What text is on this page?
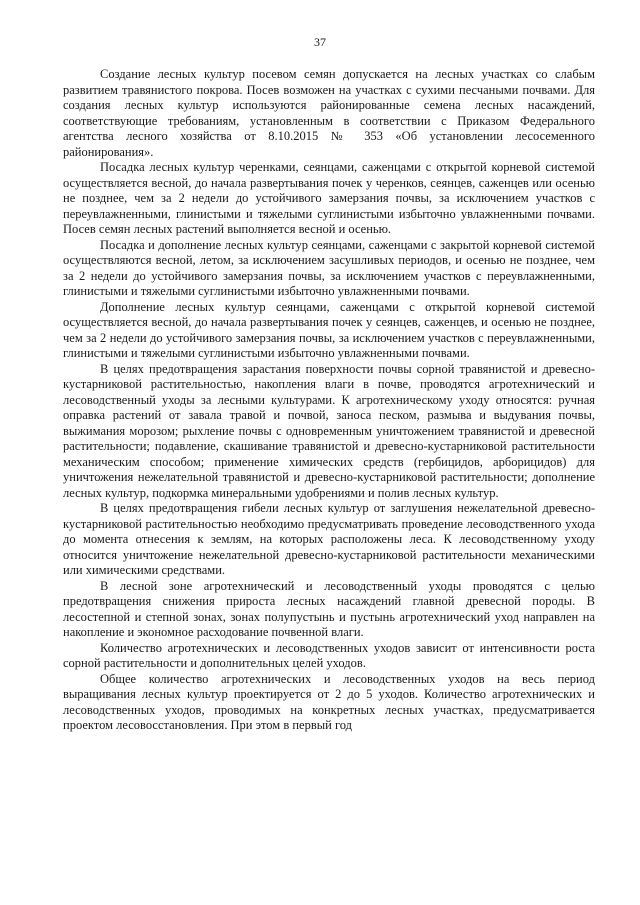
37

Создание лесных культур посевом семян допускается на лесных участках со слабым развитием травянистого покрова. Посев возможен на участках с сухими песчаными почвами. Для создания лесных культур используются районированные семена лесных насаждений, соответствующие требованиям, установленным в соответствии с Приказом Федерального агентства лесного хозяйства от 8.10.2015 № 353 «Об установлении лесосеменного районирования».

Посадка лесных культур черенками, сеянцами, саженцами с открытой корневой системой осуществляется весной, до начала развертывания почек у черенков, сеянцев, саженцев или осенью не позднее, чем за 2 недели до устойчивого замерзания почвы, за исключением участков с переувлажненными, глинистыми и тяжелыми суглинистыми избыточно увлажненными почвами. Посев семян лесных растений выполняется весной и осенью.

Посадка и дополнение лесных культур сеянцами, саженцами с закрытой корневой системой осуществляются весной, летом, за исключением засушливых периодов, и осенью не позднее, чем за 2 недели до устойчивого замерзания почвы, за исключением участков с переувлажненными, глинистыми и тяжелыми суглинистыми избыточно увлажненными почвами.

Дополнение лесных культур сеянцами, саженцами с открытой корневой системой осуществляется весной, до начала развертывания почек у сеянцев, саженцев, и осенью не позднее, чем за 2 недели до устойчивого замерзания почвы, за исключением участков с переувлажненными, глинистыми и тяжелыми суглинистыми избыточно увлажненными почвами.

В целях предотвращения зарастания поверхности почвы сорной травянистой и древесно-кустарниковой растительностью, накопления влаги в почве, проводятся агротехнический и лесоводственный уходы за лесными культурами. К агротехническому уходу относятся: ручная оправка растений от завала травой и почвой, заноса песком, размыва и выдувания почвы, выжимания морозом; рыхление почвы с одновременным уничтожением травянистой и древесной растительности; подавление, скашивание травянистой и древесно-кустарниковой растительности механическим способом; применение химических средств (гербицидов, арборицидов) для уничтожения нежелательной травянистой и древесно-кустарниковой растительности; дополнение лесных культур, подкормка минеральными удобрениями и полив лесных культур.

В целях предотвращения гибели лесных культур от заглушения нежелательной древесно-кустарниковой растительностью необходимо предусматривать проведение лесоводственного ухода до момента отнесения к землям, на которых расположены леса. К лесоводственному уходу относится уничтожение нежелательной древесно-кустарниковой растительности механическими или химическими средствами.

В лесной зоне агротехнический и лесоводственный уходы проводятся с целью предотвращения снижения прироста лесных насаждений главной древесной породы. В лесостепной и степной зонах, зонах полупустынь и пустынь агротехнический уход направлен на накопление и экономное расходование почвенной влаги.

Количество агротехнических и лесоводственных уходов зависит от интенсивности роста сорной растительности и дополнительных целей уходов.

Общее количество агротехнических и лесоводственных уходов на весь период выращивания лесных культур проектируется от 2 до 5 уходов. Количество агротехнических и лесоводственных уходов, проводимых на конкретных лесных участках, предусматривается проектом лесовосстановления. При этом в первый год
